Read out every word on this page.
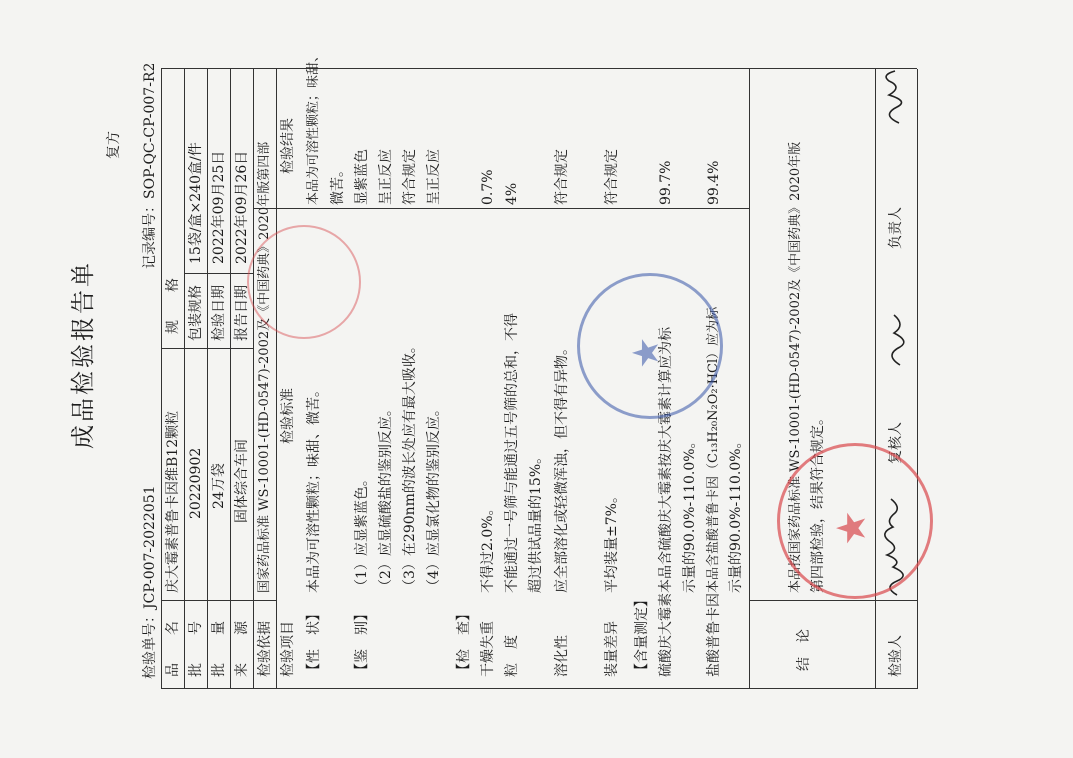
成品检验报告单
复方
检验单号：JCP-007-2022051
记录编号：SOP-QC-CP-007-R2
品　　名
庆大霉素普鲁卡因维B12颗粒
规　　格
批　　号
20220902
包装规格
15袋/盒×240盒/件
批　　量
24万袋
检验日期
2022年09月25日
来　　源
固体综合车间
报告日期
2022年09月26日
检验依据
国家药品标准 WS-10001-(HD-0547)-2002及《中国药典》2020年版第四部
检验项目
检验标准
检验结果
【性　状】
本品为可溶性颗粒；味甜、微苦。
本品为可溶性颗粒；味甜、 微苦。
【鉴　别】
（1）应显紫蓝色。
显紫蓝色
（2）应显硫酸盐的鉴别反应。
呈正反应
（3）在290nm的波长处应有最大吸收。
符合规定
（4）应显氯化物的鉴别反应。
呈正反应
【检　查】 干燥失重
不得过2.0%。
0.7%
粒　度
不能通过一号筛与能通过五号筛的总和，不得
4%
超过供试品量的15%。
溶化性
应全部溶化或轻微浑浊，但不得有异物。
符合规定
装量差异
平均装量±7%。
符合规定
【含量测定】 硫酸庆大霉素
本品含硫酸庆大霉素按庆大霉素计算应为标
99.7%
示量的90.0%-110.0%。
盐酸普鲁卡因
本品含盐酸普鲁卡因（C₁₃H₂₀N₂O₂·HCl）应为标
99.4%
示量的90.0%-110.0%。
结　论
本品按国家药品标准 WS-10001-(HD-0547)-2002及《中国药典》2020年版 第四部检验，结果符合规定。
检验人
复核人
负责人
★
★
